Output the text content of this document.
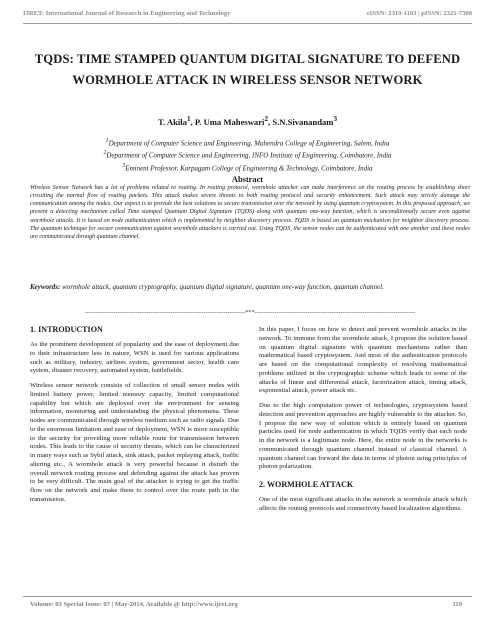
IJRET: International Journal of Research in Engineering and Technology	eISSN: 2319-1163 | pISSN: 2321-7308
TQDS: TIME STAMPED QUANTUM DIGITAL SIGNATURE TO DEFEND
WORMHOLE ATTACK IN WIRELESS SENSOR NETWORK
T. Akila$^1$, P. Uma Maheswari$^2$, S.N.Sivanandam$^3$
$^1$Department of Computer Science and Engineering, Mahendra College of Engineering, Salem, India
$^2$Department of Computer Science and Engineering, INFO Institute of Engineering, Coimbatore, India
$^3$Eminent Professor, Karpagam College of Engineering & Technology, Coimbatore, India
Abstract
Wireless Sensor Network has a lot of problems related to routing. In routing protocol, wormhole attacker can make interference on the routing process by establishing short circuiting the normal flow of routing packets. This attack makes severe threats to both routing protocol and security enhancement. Such attack may strictly damage the communication among the nodes. Our aspect is to provide the best solutions to secure transmission over the network by using quantum cryptosystem. In this proposed approach, we present a detecting mechanism called Time stamped Quantum Digital Signature (TQDS) along with quantum one-way function, which is unconditionally secure even against wormhole attacks. It is based on node authentication which is implemented by neighbor discovery process. TQDS is based on quantum mechanism for neighbor discovery process. The quantum technique for secure communication against wormhole attackers is carried out. Using TQDS, the sensor nodes can be authenticated with one another and these nodes are communicated through quantum channel.
Keywords: wormhole attack, quantum cryptography, quantum digital signature, quantum one-way function, quantum channel.
-------------------------------------------------------------------------***-------------------------------------------------------------------------
1. INTRODUCTION

As the prominent development of popularity and the ease of deployment due to their infrastructure less in nature, WSN is used for various applications such as military, industry, airlines system, government sector, health care system, disaster recovery, automated system, battlefields.

Wireless sensor network consists of collection of small sensor nodes with limited battery power, limited memory capacity, limited computational capability but which are deployed over the environment for sensing information, monitoring and understanding the physical phenomena. These nodes are communicated through wireless medium such as radio signals. Due to the enormous limitation and ease of deployment, WSN is more susceptible to the security for providing more reliable route for transmission between nodes. This leads to the cause of security threats, which can be characterized in many ways such as Sybil attack, sink attack, packet replaying attack, traffic altering etc., A wormhole attack is very powerful because it disturb the overall network routing process and defending against the attack has proven to be very difficult. The main goal of the attacker is trying to get the traffic flow on the network and make them to control over the route path in the transmission.

In this paper, I focus on how to detect and prevent wormhole attacks in the network. To immune from the wormhole attack, I propose the solution based on quantum digital signature with quantum mechanisms rather than mathematical based cryptosystem. And most of the authentication protocols are based on the computational complexity of resolving mathematical problems utilized in the cryptographic scheme which leads to some of the attacks of linear and differential attack, factorization attack, timing attack, exponential attack, power attack etc.

Due to the high computation power of technologies, cryptosystem based detection and prevention approaches are highly vulnerable to the attacker. So, I propose the new way of solution which is entirely based on quantum particles used for node authentication in which TQDS verify that each node in the network is a legitimate node. Here, the entire node in the networks is communicated through quantum channel instead of classical channel. A quantum channel can forward the data in terms of photon using principles of photon polarization.

2. WORMHOLE ATTACK

One of the most significant attacks in the network is wormhole attack which affects the routing protocols and connectivity based localization algorithms.

Volume: 03 Special Issue: 07 | May-2014, Available @ http://www.ijret.org	119
